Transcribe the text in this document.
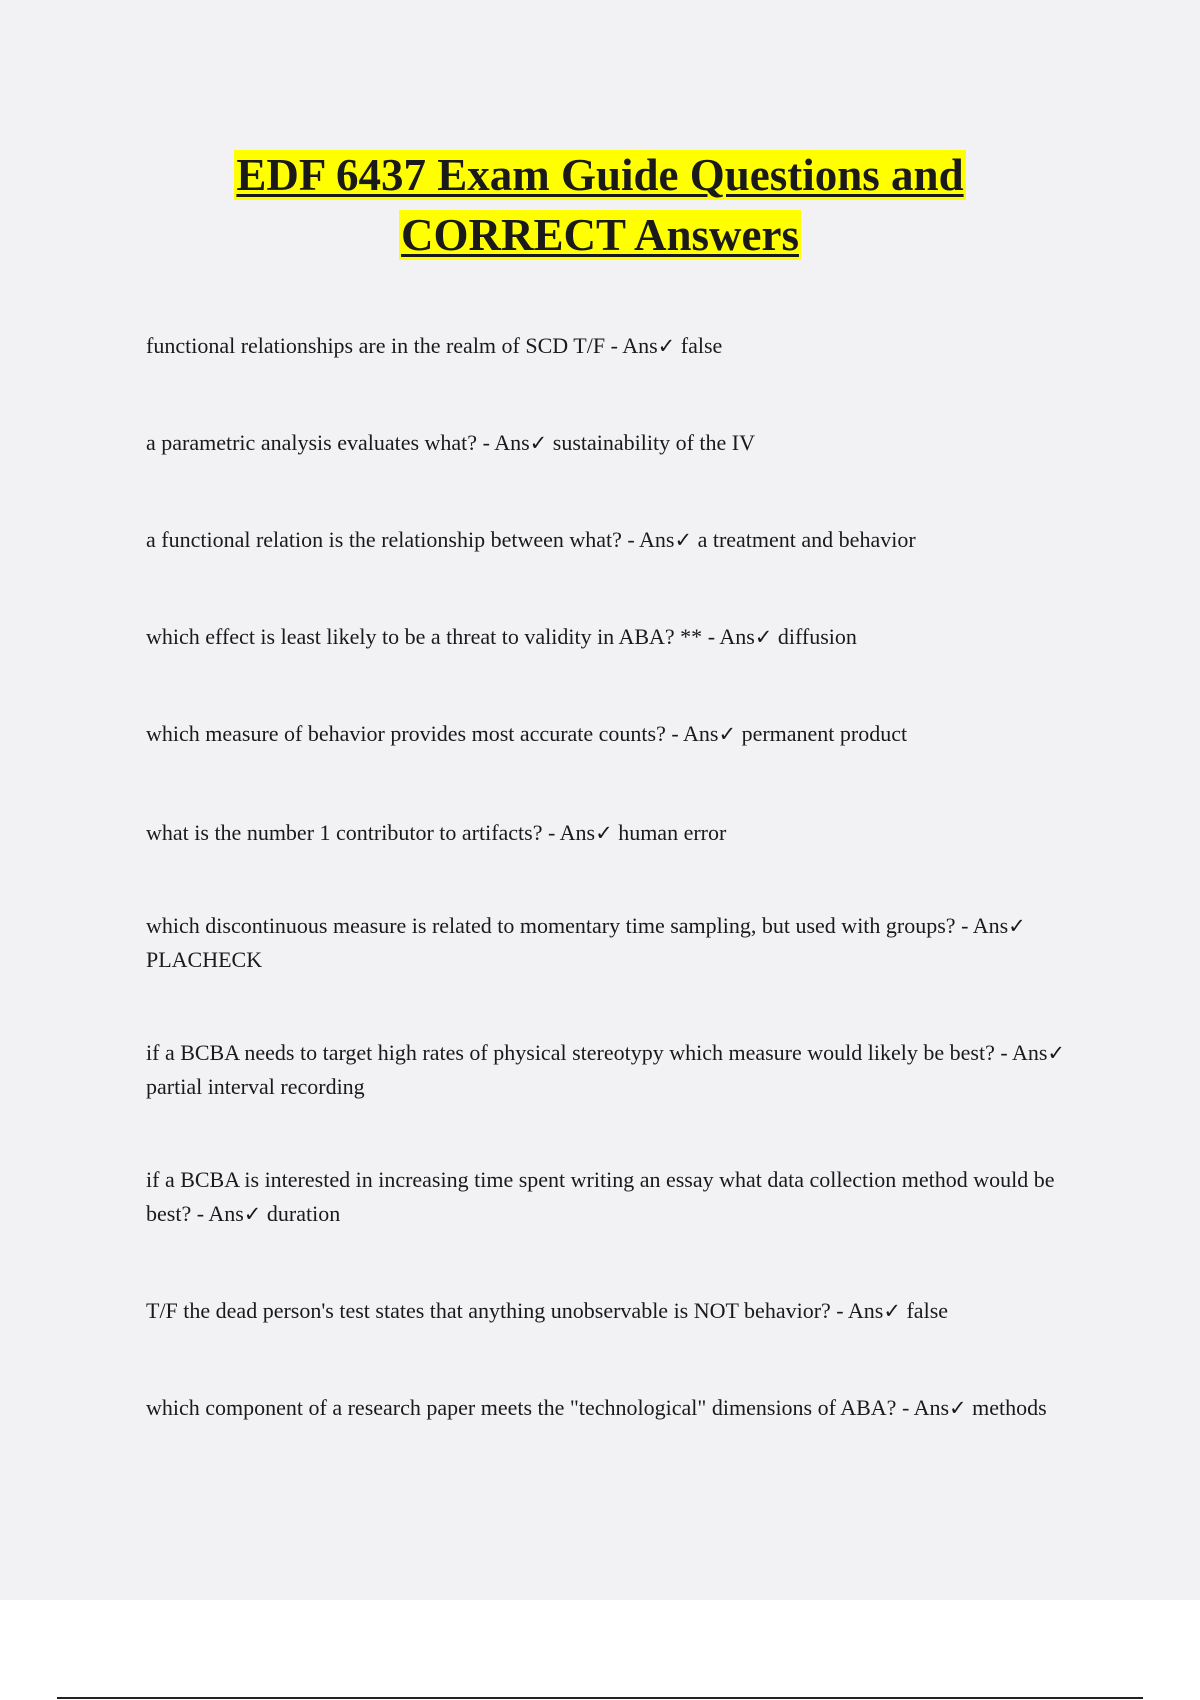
EDF 6437 Exam Guide Questions and
CORRECT Answers

functional relationships are in the realm of SCD T/F - Ans✓ false

a parametric analysis evaluates what? - Ans✓ sustainability of the IV

a functional relation is the relationship between what? - Ans✓ a treatment and behavior

which effect is least likely to be a threat to validity in ABA? ** - Ans✓ diffusion

which measure of behavior provides most accurate counts? - Ans✓ permanent product

what is the number 1 contributor to artifacts? - Ans✓ human error

which discontinuous measure is related to momentary time sampling, but used with groups? - Ans✓ PLACHECK

if a BCBA needs to target high rates of physical stereotypy which measure would likely be best? - Ans✓ partial interval recording

if a BCBA is interested in increasing time spent writing an essay what data collection method would be best? - Ans✓ duration

T/F the dead person's test states that anything unobservable is NOT behavior? - Ans✓ false

which component of a research paper meets the "technological" dimensions of ABA? - Ans✓ methods
